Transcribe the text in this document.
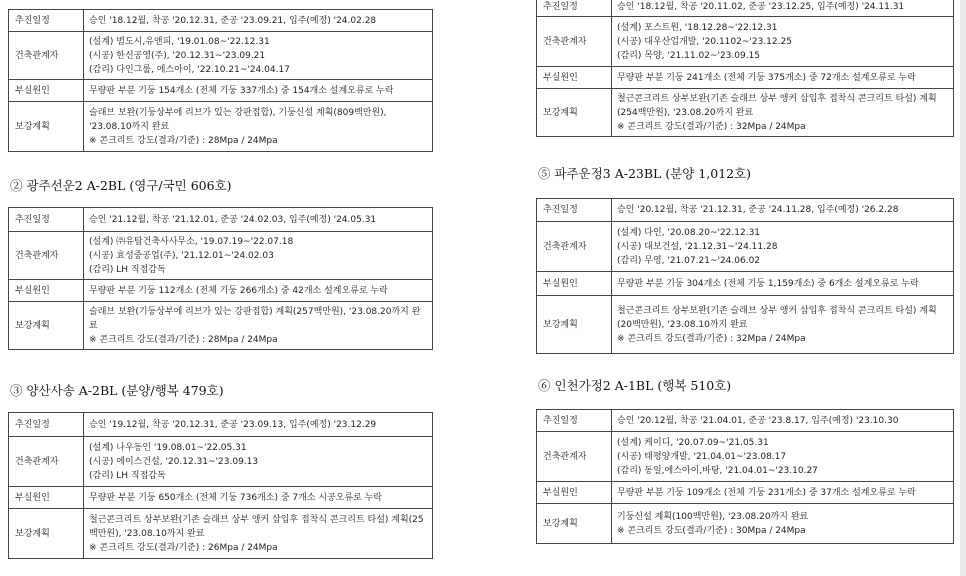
추진일정	승인 '18.12월, 착공 '20.12.31, 준공 '23.09.21, 입주(예정) '24.02.28

건축관계자	(설계) 범도시,유앤피, '19.01.08~'22.12.31
(시공) 한신공영(주), '20.12.31~'23.09.21
(감리) 다인그룹, 에스아이, '22.10.21~'24.04.17

부실원인	무량판 부분 기둥 154개소 (전체 기둥 337개소) 중 154개소 설계오류로 누락

보강계획	슬래브 보완(기둥상부에 리브가 있는 강판접합), 기둥신설 계획(809백만원), '23.08.10까지 완료
※ 콘크리트 강도(결과/기준) : 28Mpa / 24Mpa
② 광주선운2 A-2BL (영구/국민 606호)
추진일정	승인 '21.12월, 착공 '21.12.01, 준공 '24.02.03, 입주(예정) '24.05.31

건축관계자	(설계) ㈜유탑건축사사무소, '19.07.19~'22.07.18
(시공) 효성중공업(주), '21.12.01~'24.02.03
(감리) LH 직접감독

부실원인	무량판 부분 기둥 112개소 (전체 기둥 266개소) 중 42개소 설계오류로 누락

보강계획	슬래브 보완(기둥상부에 리브가 있는 강판접합) 계획(257백만원), '23.08.20까지 완료
※ 콘크리트 강도(결과/기준) : 28Mpa / 24Mpa
③ 양산사송 A-2BL (분양/행복 479호)
추진일정	승인 '19.12월, 착공 '20.12.31, 준공 '23.09.13, 입주(예정) '23.12.29

건축관계자	(설계) 나우동인 '19.08.01~'22.05.31
(시공) 에이스건설, '20.12.31~'23.09.13
(감리) LH 직접감독

부실원인	무량판 부분 기둥 650개소 (전체 기둥 736개소) 중 7개소 시공오류로 누락

보강계획	철근콘크리트 상부보완(기존 슬래브 상부 앵커 삽입후 접착식 콘크리트 타설) 계획(25백만원), '23.08.10까지 완료
※ 콘크리트 강도(결과/기준) : 26Mpa / 24Mpa
추진일정	승인 '18.12월, 착공 '20.11.02, 준공 '23.12.25, 입주(예정) '24.11.31

건축관계자	(설계) 포스트원, '18.12.28~'22.12.31
(시공) 대우산업개발, '20.1102~'23.12.25
(감리) 목양, '21.11.02~'23.09.15

부실원인	무량판 부분 기둥 241개소 (전체 기둥 375개소) 중 72개소 설계오류로 누락

보강계획	철근콘크리트 상부보완(기존 슬래브 상부 앵커 삽입후 접착식 콘크리트 타설) 계획(254백만원), '23.08.20까지 완료
※ 콘크리트 강도(결과/기준) : 32Mpa / 24Mpa
⑤ 파주운정3 A-23BL (분양 1,012호)
추진일정	승인 '20.12월, 착공 '21.12.31, 준공 '24.11.28, 입주(예정) '26.2.28

건축관계자	(설계) 다인, '20.08.20~'22.12.31
(시공) 대보건설, '21.12.31~'24.11.28
(감리) 무영, '21.07.21~'24.06.02

부실원인	무량판 부분 기둥 304개소 (전체 기둥 1,159개소) 중 6개소 설계오류로 누락

보강계획	철근콘크리트 상부보완(기존 슬래브 상부 앵커 삽입후 접착식 콘크리트 타설) 계획(20백만원), '23.08.10까지 완료
※ 콘크리트 강도(결과/기준) : 32Mpa / 24Mpa
⑥ 인천가정2 A-1BL (행복 510호)
추진일정	승인 '20.12월, 착공 '21.04.01, 준공 '23.8.17, 입주(예정) '23.10.30

건축관계자	(설계) 케이디, '20.07.09~'21.05.31
(시공) 태평양개발, '21.04.01~'23.08.17
(감리) 동일,에스아이,바탕, '21.04.01~'23.10.27

부실원인	무량판 부분 기둥 109개소 (전체 기둥 231개소) 중 37개소 설계오류로 누락

보강계획	기둥신설 계획(100백만원), '23.08.20까지 완료
※ 콘크리트 강도(결과/기준) : 30Mpa / 24Mpa
